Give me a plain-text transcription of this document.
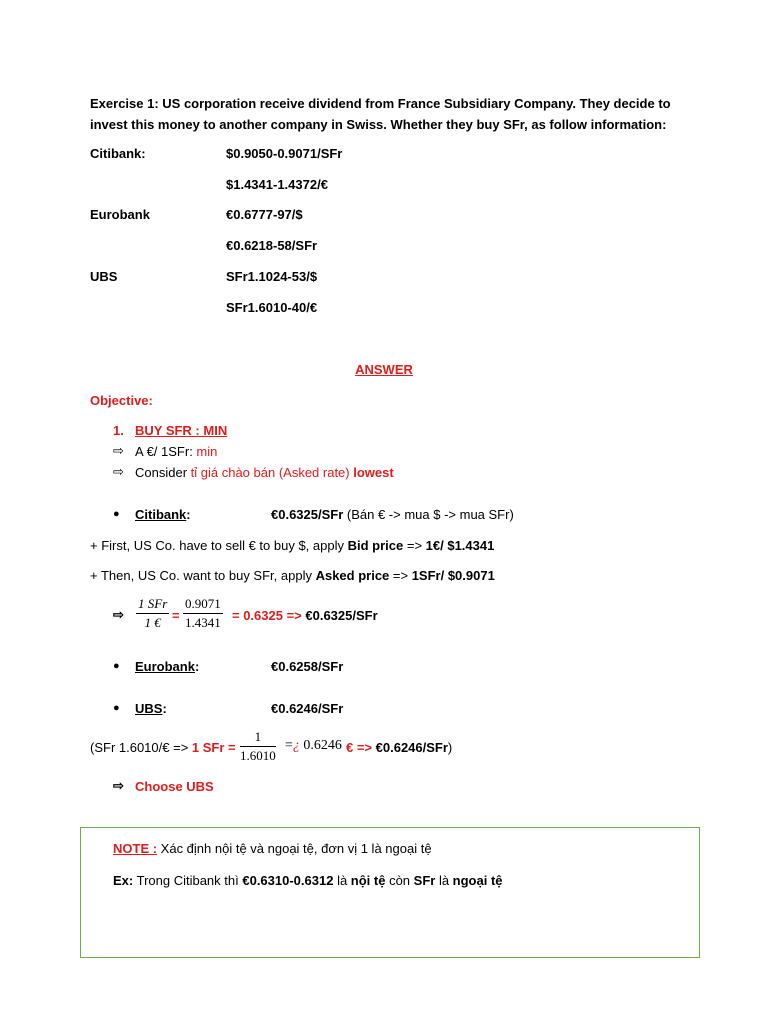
Exercise 1: US corporation receive dividend from France Subsidiary Company. They decide to
invest this money to another company in Swiss. Whether they buy SFr, as follow information:
Citibank:	$0.9050-0.9071/SFr
$1.4341-1.4372/€
Eurobank	€0.6777-97/$
€0.6218-58/SFr
UBS	SFr1.1024-53/$
SFr1.6010-40/€
ANSWER
Objective:
1. BUY SFR : MIN
⇨ A €/ 1SFr: min
⇨ Consider tỉ giá chào bán (Asked rate) lowest
● Citibank:	€0.6325/SFr (Bán € -> mua $ -> mua SFr)
+ First, US Co. have to sell € to buy $, apply Bid price => 1€/ $1.4341
+ Then, US Co. want to buy SFr, apply Asked price => 1SFr/ $0.9071
⇨
1 SFr
1 € = $\frac{0.9071}{1.4341} = 0.6325$ => €0.6325/SFr
● Eurobank:	€0.6258/SFr
● UBS:	€0.6246/SFr
(SFr 1.6010/€ => 1 SFr = $\frac{1}{1.6010}$ =¿ 0.6246 € => €0.6246/SFr)
⇨ Choose UBS
NOTE : Xác định nội tệ và ngoại tệ, đơn vị 1 là ngoại tệ
Ex: Trong Citibank thì €0.6310-0.6312 là nội tệ còn SFr là ngoại tệ
